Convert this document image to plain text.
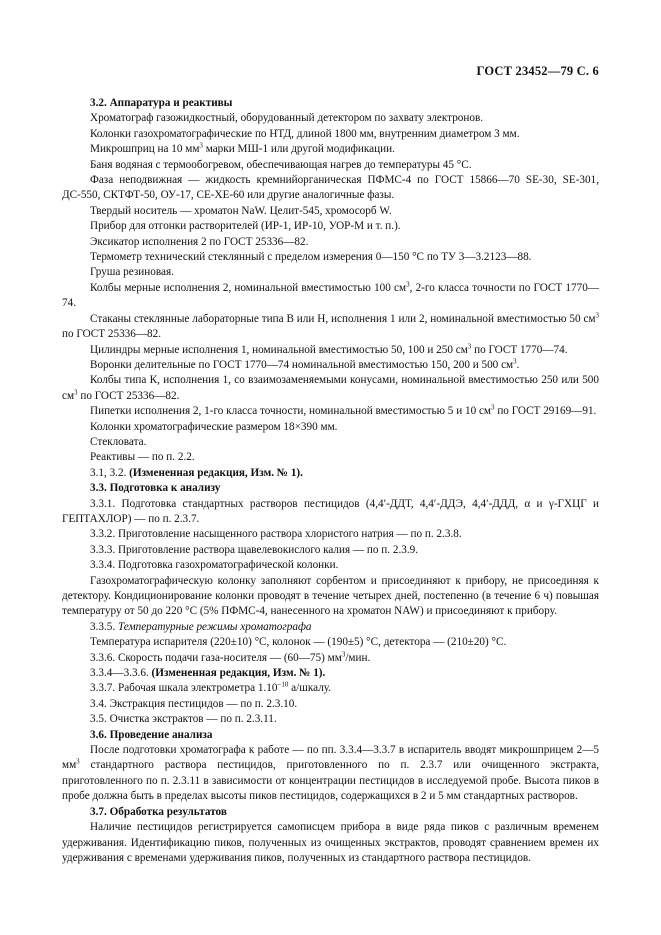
ГОСТ 23452—79 С. 6

3.2. Аппаратура и реактивы

Хроматограф газожидкостный, оборудованный детектором по захвату электронов.

Колонки газохроматографические по НТД, длиной 1800 мм, внутренним диаметром 3 мм.

Микрошприц на 10 $мм^3$ марки МШ-1 или другой модификации.

Баня водяная с термообогревом, обеспечивающая нагрев до температуры 45 °С.

Фаза неподвижная — жидкость кремнийорганическая ПФМС-4 по ГОСТ 15866—70 SE-30, SE-301, ДС-550, СКТФТ-50, ОУ-17, СЕ-ХЕ-60 или другие аналогичные фазы.

Твердый носитель — хроматон NaW. Целит-545, хромосорб W.

Прибор для отгонки растворителей (ИР-1, ИР-10, УОР-М и т. п.).

Эксикатор исполнения 2 по ГОСТ 25336—82.

Термометр технический стеклянный с пределом измерения 0—150 °С по ТУ 3—3.2123—88.

Груша резиновая.

Колбы мерные исполнения 2, номинальной вместимостью 100 $см^3$, 2-го класса точности по ГОСТ 1770—74.

Стаканы стеклянные лабораторные типа В или Н, исполнения 1 или 2, номинальной вместимостью 50 $см^3$ по ГОСТ 25336—82.

Цилиндры мерные исполнения 1, номинальной вместимостью 50, 100 и 250 $см^3$ по ГОСТ 1770—74.

Воронки делительные по ГОСТ 1770—74 номинальной вместимостью 150, 200 и 500 $см^3$.

Колбы типа К, исполнения 1, со взаимозаменяемыми конусами, номинальной вместимостью 250 или 500 $см^3$ по ГОСТ 25336—82.

Пипетки исполнения 2, 1-го класса точности, номинальной вместимостью 5 и 10 $см^3$ по ГОСТ 29169—91.

Колонки хроматографические размером 18×390 мм.

Стекловата.

Реактивы — по п. 2.2.

3.1, 3.2. (Измененная редакция, Изм. № 1).

3.3. Подготовка к анализу

3.3.1. Подготовка стандартных растворов пестицидов (4,4′-ДДТ, 4,4′-ДДЭ, 4,4′-ДДД, α и γ-ГХЦГ и ГЕПТАХЛОР) — по п. 2.3.7.

3.3.2. Приготовление насыщенного раствора хлористого натрия — по п. 2.3.8.

3.3.3. Приготовление раствора щавелевокислого калия — по п. 2.3.9.

3.3.4. Подготовка газохроматографической колонки.

Газохроматографическую колонку заполняют сорбентом и присоединяют к прибору, не присоединяя к детектору. Кондиционирование колонки проводят в течение четырех дней, постепенно (в течение 6 ч) повышая температуру от 50 до 220 °С (5% ПФМС-4, нанесенного на хроматон NAW) и присоединяют к прибору.

3.3.5. Температурные режимы хроматографа

Температура испарителя (220±10) °С, колонок — (190±5) °С, детектора — (210±20) °С.

3.3.6. Скорость подачи газа-носителя — (60—75) $мм^3$/мин.

3.3.4—3.3.6. (Измененная редакция, Изм. № 1).

3.3.7. Рабочая шкала электрометра $1.10^{-10}$ а/шкалу.

3.4. Экстракция пестицидов — по п. 2.3.10.

3.5. Очистка экстрактов — по п. 2.3.11.

3.6. Проведение анализа

После подготовки хроматографа к работе — по пп. 3.3.4—3.3.7 в испаритель вводят микрошприцем 2—5 $мм^3$ стандартного раствора пестицидов, приготовленного по п. 2.3.7 или очищенного экстракта, приготовленного по п. 2.3.11 в зависимости от концентрации пестицидов в исследуемой пробе. Высота пиков в пробе должна быть в пределах высоты пиков пестицидов, содержащихся в 2 и 5 мм стандартных растворов.

3.7. Обработка результатов

Наличие пестицидов регистрируется самописцем прибора в виде ряда пиков с различным временем удерживания. Идентификацию пиков, полученных из очищенных экстрактов, проводят сравнением времен их удерживания с временами удерживания пиков, полученных из стандартного раствора пестицидов.
